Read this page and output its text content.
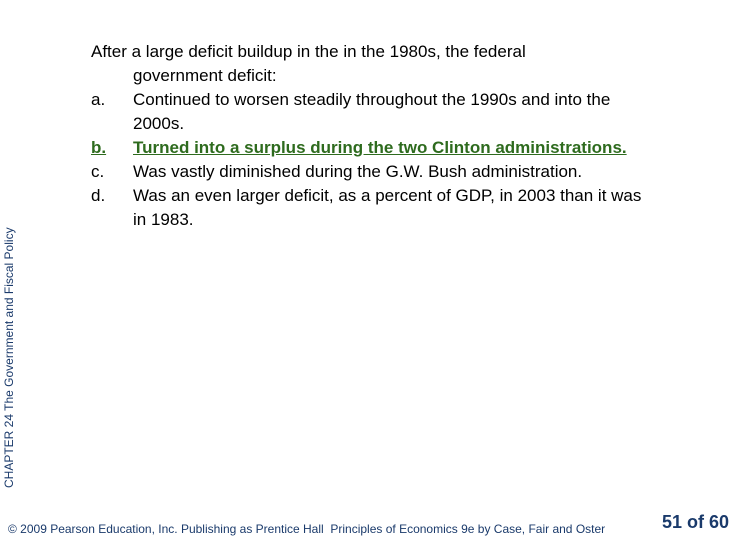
CHAPTER 24 The Government and Fiscal Policy

After a large deficit buildup in the in the 1980s, the federal
government deficit:

a.	Continued to worsen steadily throughout the 1990s and into the 2000s.
b.	Turned into a surplus during the two Clinton administrations.
c.	Was vastly diminished during the G.W. Bush administration.
d.	Was an even larger deficit, as a percent of GDP, in 2003 than it was in 1983.
© 2009 Pearson Education, Inc. Publishing as Prentice Hall Principles of Economics 9e by Case, Fair and Oster	51 of 60
